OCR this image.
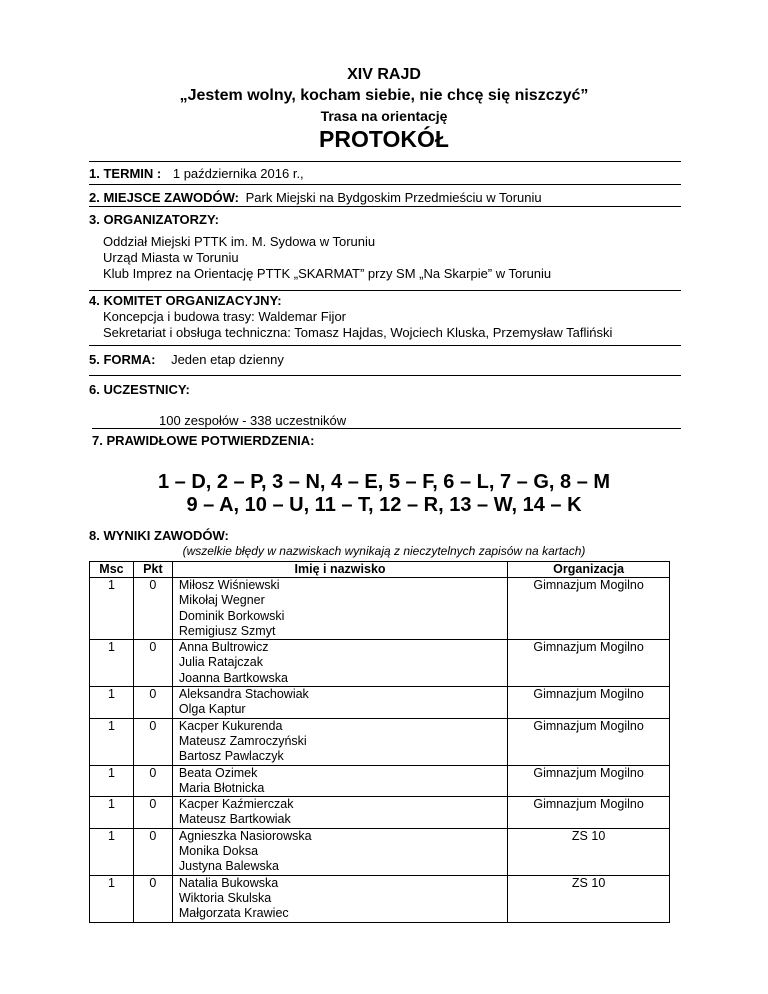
XIV RAJD
„Jestem wolny, kocham siebie, nie chcę się niszczyć”
Trasa na orientację
PROTOKÓŁ
1. TERMIN : 1 października 2016 r.,
2. MIEJSCE ZAWODÓW: Park Miejski na Bydgoskim Przedmieściu w Toruniu
3. ORGANIZATORZY:
Oddział Miejski PTTK im. M. Sydowa w Toruniu
Urząd Miasta w Toruniu
Klub Imprez na Orientację PTTK „SKARMAT” przy SM „Na Skarpie” w Toruniu
4. KOMITET ORGANIZACYJNY:
Koncepcja i budowa trasy: Waldemar Fijor
Sekretariat i obsługa techniczna: Tomasz Hajdas, Wojciech Kluska, Przemysław Tafliński
5. FORMA: Jeden etap dzienny
6. UCZESTNICY:
100 zespołów - 338 uczestników
7. PRAWIDŁOWE POTWIERDZENIA:
1 – D, 2 – P, 3 – N, 4 – E, 5 – F, 6 – L, 7 – G, 8 – M
9 – A, 10 – U, 11 – T, 12 – R, 13 – W, 14 – K
8. WYNIKI ZAWODÓW:
(wszelkie błędy w nazwiskach wynikają z nieczytelnych zapisów na kartach)
Msc	Pkt	Imię i nazwisko	Organizacja
1	0	Miłosz Wiśniewski
Mikołaj Wegner
Dominik Borkowski
Remigiusz Szmyt	Gimnazjum Mogilno
1	0	Anna Bultrowicz
Julia Ratajczak
Joanna Bartkowska	Gimnazjum Mogilno
1	0	Aleksandra Stachowiak
Olga Kaptur	Gimnazjum Mogilno
1	0	Kacper Kukurenda
Mateusz Zamroczyński
Bartosz Pawlaczyk	Gimnazjum Mogilno
1	0	Beata Ozimek
Maria Błotnicka	Gimnazjum Mogilno
1	0	Kacper Kaźmierczak
Mateusz Bartkowiak	Gimnazjum Mogilno
1	0	Agnieszka Nasiorowska
Monika Doksa
Justyna Balewska	ZS 10
1	0	Natalia Bukowska
Wiktoria Skulska
Małgorzata Krawiec	ZS 10
